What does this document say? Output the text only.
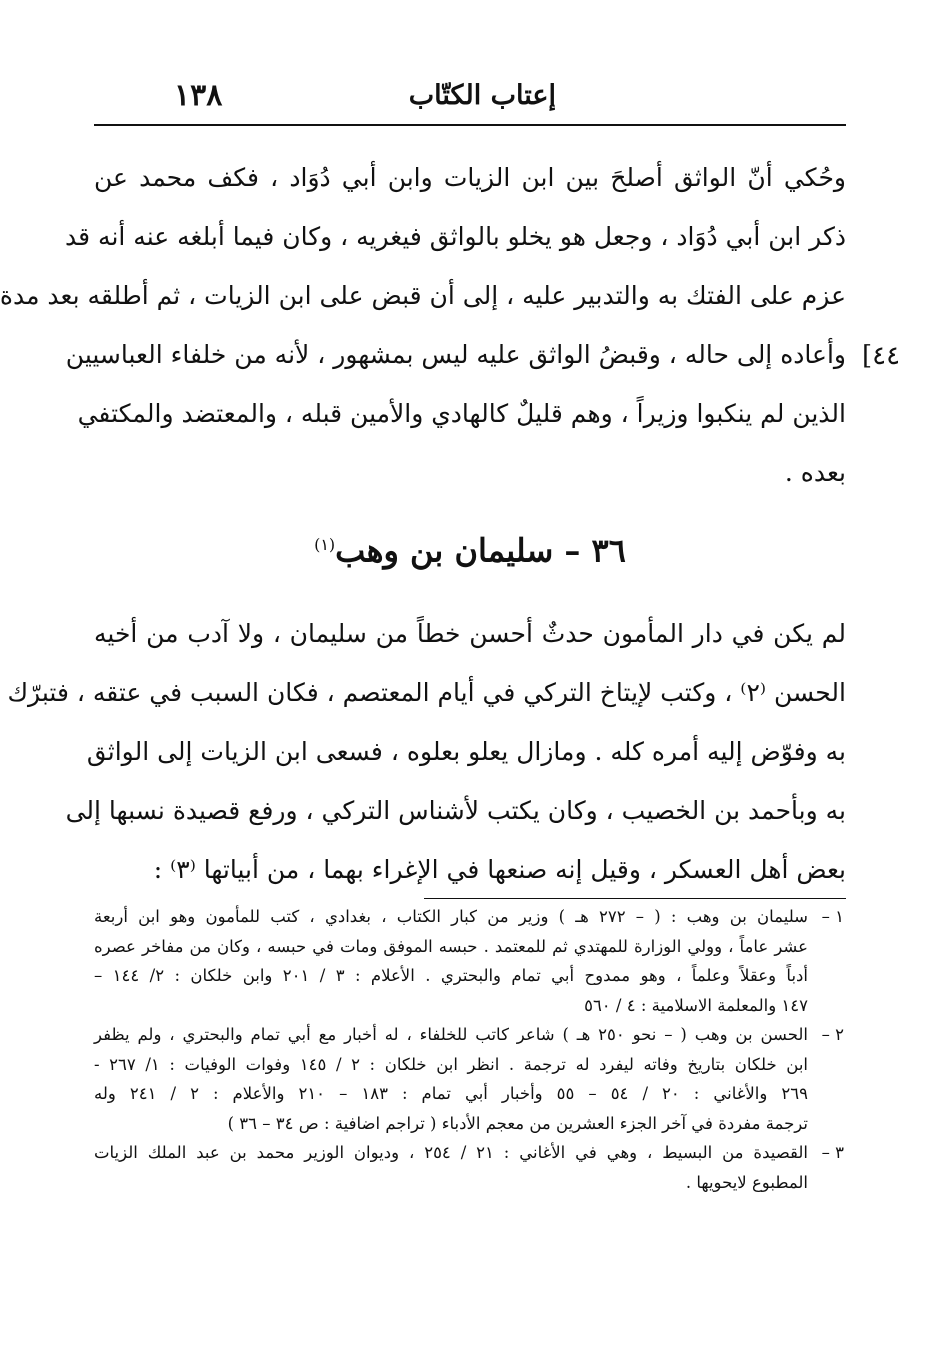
١٣٨	إعتاب الكتّاب
وحُكي أنّ الواثق أصلحَ بين ابن الزيات وابن أبي دُوَاد ، فكف محمد عن
ذكر ابن أبي دُوَاد ، وجعل هو يخلو بالواثق فيغريه ، وكان فيما أبلغه عنه أنه قد
عزم على الفتك به والتدبير عليه ، إلى أن قبض على ابن الزيات ، ثم أطلقه بعد مدة
وأعاده إلى حاله ، وقبضُ الواثق عليه ليس بمشهور ، لأنه من خلفاء العباسيين
الذين لم ينكبوا وزيراً ، وهم قليلٌ كالهادي والأمين قبله ، والمعتضد والمكتفي
بعده .
٤٤]
٣٦ – سليمان بن وهب$^{(١)}$
لم يكن في دار المأمون حدثٌ أحسن خطاً من سليمان ، ولا آدب من أخيه
الحسن ⁽٢⁾ ، وكتب لإيتاخ التركي في أيام المعتصم ، فكان السبب في عتقه ، فتبرّك
به وفوّض إليه أمره كله . ومازال يعلو بعلوه ، فسعى ابن الزيات إلى الواثق
به وبأحمد بن الخصيب ، وكان يكتب لأشناس التركي ، ورفع قصيدة نسبها إلى
بعض أهل العسكر ، وقيل إنه صنعها في الإغراء بهما ، من أبياتها ⁽٣⁾ :
١ –
سليمان بن وهب : ( – ٢٧٢ هـ ) وزير من كبار الكتاب ، بغدادي ، كتب للمأمون وهو ابن أربعة
عشر عاماً ، وولي الوزارة للمهتدي ثم للمعتمد . حبسه الموفق ومات في حبسه ، وكان من مفاخر عصره
أدباً وعقلاً وعلماً ، وهو ممدوح أبي تمام والبحتري . الأعلام : ٣ / ٢٠١ وابن خلكان : ٢/ ١٤٤ –
١٤٧ والمعلمة الاسلامية : ٤ / ٥٦٠
٢ –
الحسن بن وهب ( – نحو ٢٥٠ هـ ) شاعر كاتب للخلفاء ، له أخبار مع أبي تمام والبحتري ، ولم يظفر
ابن خلكان بتاريخ وفاته ليفرد له ترجمة . انظر ابن خلكان : ٢ / ١٤٥ وفوات الوفيات : ١/ ٢٦٧ -
٢٦٩ والأغاني : ٢٠ / ٥٤ – ٥٥ وأخبار أبي تمام : ١٨٣ – ٢١٠ والأعلام : ٢ / ٢٤١ وله
ترجمة مفردة في آخر الجزء العشرين من معجم الأدباء ( تراجم اضافية : ص ٣٤ – ٣٦ )
٣ –
القصيدة من البسيط ، وهي في الأغاني : ٢١ / ٢٥٤ ، وديوان الوزير محمد بن عبد الملك الزيات
المطبوع لايحويها .
